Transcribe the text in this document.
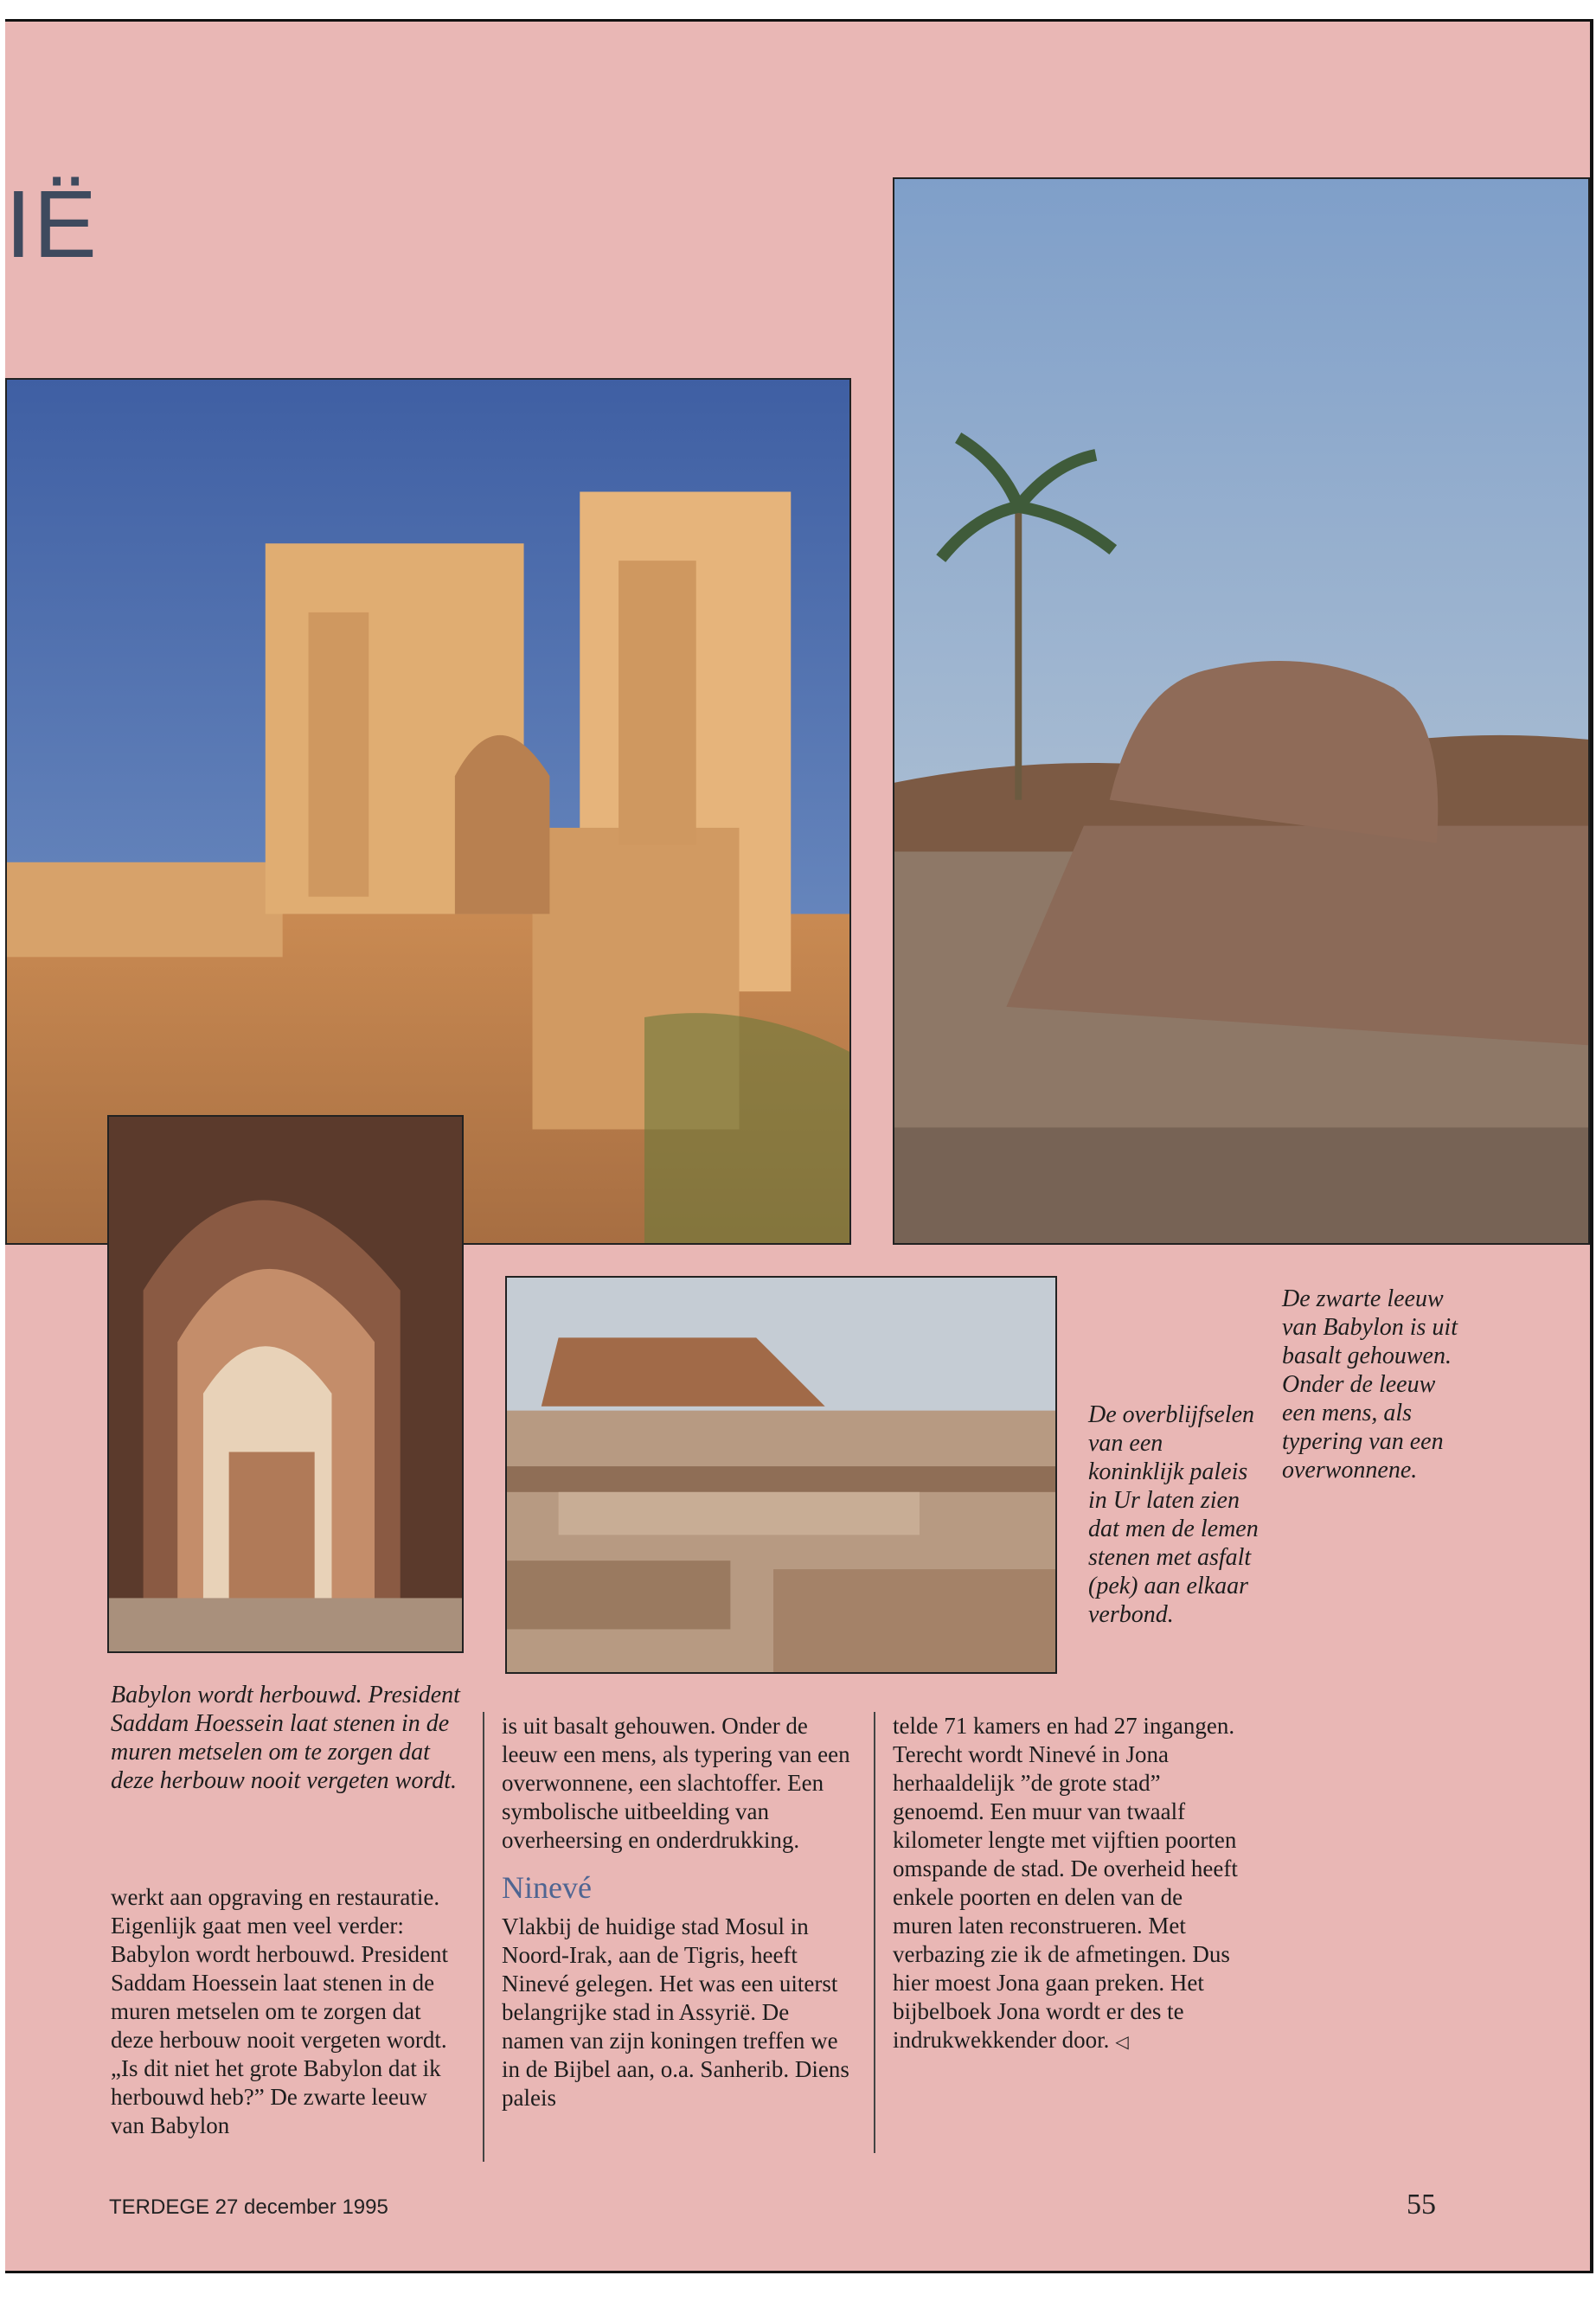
IË
De overblijfselen van een koninklijk paleis in Ur laten zien dat men de lemen stenen met asfalt (pek) aan elkaar verbond.
De zwarte leeuw van Babylon is uit basalt gehouwen. Onder de leeuw een mens, als typering van een overwonnene.
Babylon wordt herbouwd. President Saddam Hoessein laat stenen in de muren metselen om te zorgen dat deze herbouw nooit vergeten wordt.

werkt aan opgraving en restauratie. Eigenlijk gaat men veel verder: Babylon wordt herbouwd. President Saddam Hoessein laat stenen in de muren metselen om te zorgen dat deze herbouw nooit vergeten wordt. „Is dit niet het grote Babylon dat ik herbouwd heb?” De zwarte leeuw van Babylon

is uit basalt gehouwen. Onder de leeuw een mens, als typering van een overwonnene, een slachtoffer. Een symbolische uitbeelding van overheersing en onderdrukking.

Ninevé

Vlakbij de huidige stad Mosul in Noord-Irak, aan de Tigris, heeft Ninevé gelegen. Het was een uiterst belangrijke stad in Assyrië. De namen van zijn koningen treffen we in de Bijbel aan, o.a. Sanherib. Diens paleis

telde 71 kamers en had 27 ingangen. Terecht wordt Ninevé in Jona herhaaldelijk ”de grote stad” genoemd. Een muur van twaalf kilometer lengte met vijftien poorten omspande de stad. De overheid heeft enkele poorten en delen van de muren laten reconstrueren. Met verbazing zie ik de afmetingen. Dus hier moest Jona gaan preken. Het bijbelboek Jona wordt er des te indrukwekkender door. ◁

TERDEGE 27 december 1995	55
